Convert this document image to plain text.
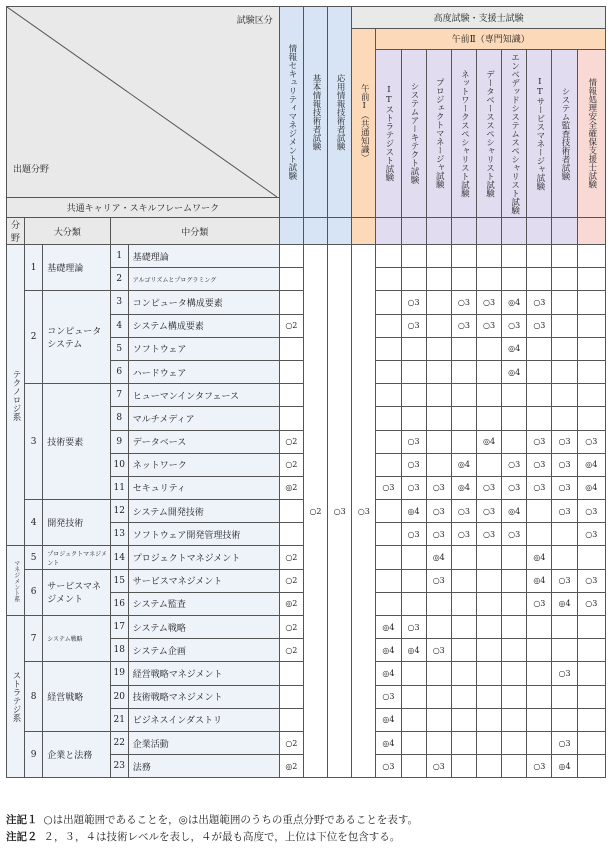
試験区分
出題分野					情報セキュリティマネジメント試験	基本情報技術者試験	応用情報技術者試験	高度試験・支援士試験									

								午前Ⅰ（共通知識）	午前Ⅱ（専門知識）								

									ITストラテジスト試験	システムアーキテクト試験	プロジェクトマネージャ試験	ネットワークスペシャリスト試験	データベーススペシャリスト試験	エンベデッドシステムスペシャリスト試験	ITサービスマネージャ試験	システム監査技術者試験	情報処理安全確保支援士試験

共通キャリア・スキルフレームワーク																	
分野	大分類		中分類														

テクノロジ系	1	基礎理論	1	基礎理論		○2	○3	○3									
			2	アルゴリズムとプログラミング													
	2	コンピュータシステム	3	コンピュータ構成要素						○3		○3	○3	◎4	○3		
			4	システム構成要素	○2					○3		○3	○3	○3	○3		
			5	ソフトウェア										◎4			
			6	ハードウェア										◎4			
	3	技術要素	7	ヒューマンインタフェース													
			8	マルチメディア													
			9	データベース	○2					○3			◎4		○3	○3	○3
			10	ネットワーク	○2					○3		◎4		○3	○3	○3	◎4
			11	セキュリティ	◎2				○3	○3	○3	◎4	○3	○3	○3	○3	◎4
	4	開発技術	12	システム開発技術						◎4	○3	○3	○3	◎4		○3	○3
			13	ソフトウェア開発管理技術						○3	○3	○3	○3	○3			○3

マネジメント系	5	プロジェクトマネジメント	14	プロジェクトマネジメント	○2						◎4				◎4		
	6	サービスマネジメント	15	サービスマネジメント	○2						○3				◎4	○3	○3
			16	システム監査	◎2										○3	◎4	○3

ストラテジ系	7	システム戦略	17	システム戦略	○2				◎4	○3							
			18	システム企画	○2				◎4	◎4	○3						
	8	経営戦略	19	経営戦略マネジメント					◎4							○3	
			20	技術戦略マネジメント					○3								
			21	ビジネスインダストリ					◎4								
	9	企業と法務	22	企業活動	○2				◎4							○3	
			23	法務	◎2				○3		○3				○3	◎4	
注記１ ○は出題範囲であることを，◎は出題範囲のうちの重点分野であることを表す。
注記２ ２，３，４は技術レベルを表し，４が最も高度で，上位は下位を包含する。
